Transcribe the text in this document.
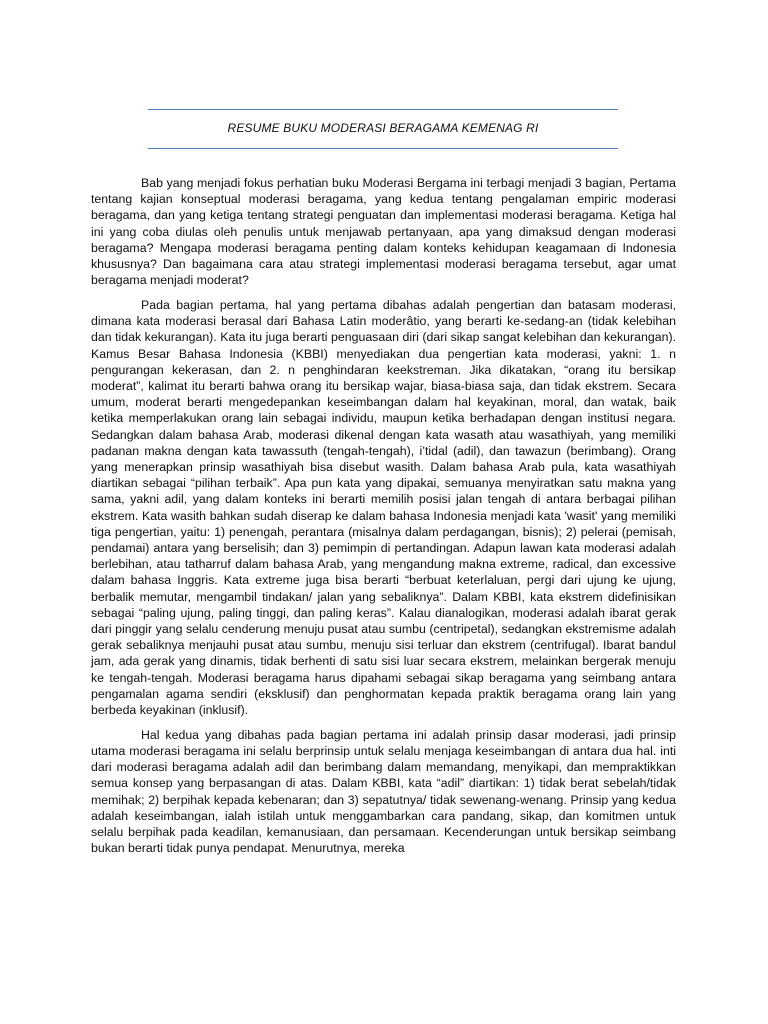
RESUME BUKU MODERASI BERAGAMA KEMENAG RI

Bab yang menjadi fokus perhatian buku Moderasi Bergama ini terbagi menjadi 3 bagian, Pertama tentang kajian konseptual moderasi beragama, yang kedua tentang pengalaman empiric moderasi beragama, dan yang ketiga tentang strategi penguatan dan implementasi moderasi beragama. Ketiga hal ini yang coba diulas oleh penulis untuk menjawab pertanyaan, apa yang dimaksud dengan moderasi beragama? Mengapa moderasi beragama penting dalam konteks kehidupan keagamaan di Indonesia khususnya? Dan bagaimana cara atau strategi implementasi moderasi beragama tersebut, agar umat beragama menjadi moderat?

Pada bagian pertama, hal yang pertama dibahas adalah pengertian dan batasam moderasi, dimana kata moderasi berasal dari Bahasa Latin moderâtio, yang berarti ke-sedang-an (tidak kelebihan dan tidak kekurangan). Kata itu juga berarti penguasaan diri (dari sikap sangat kelebihan dan kekurangan). Kamus Besar Bahasa Indonesia (KBBI) menyediakan dua pengertian kata moderasi, yakni: 1. n pengurangan kekerasan, dan 2. n penghindaran keekstreman. Jika dikatakan, “orang itu bersikap moderat”, kalimat itu berarti bahwa orang itu bersikap wajar, biasa-biasa saja, dan tidak ekstrem. Secara umum, moderat berarti mengedepankan keseimbangan dalam hal keyakinan, moral, dan watak, baik ketika memperlakukan orang lain sebagai individu, maupun ketika berhadapan dengan institusi negara. Sedangkan dalam bahasa Arab, moderasi dikenal dengan kata wasath atau wasathiyah, yang memiliki padanan makna dengan kata tawassuth (tengah-tengah), i’tidal (adil), dan tawazun (berimbang). Orang yang menerapkan prinsip wasathiyah bisa disebut wasith. Dalam bahasa Arab pula, kata wasathiyah diartikan sebagai “pilihan terbaik”. Apa pun kata yang dipakai, semuanya menyiratkan satu makna yang sama, yakni adil, yang dalam konteks ini berarti memilih posisi jalan tengah di antara berbagai pilihan ekstrem. Kata wasith bahkan sudah diserap ke dalam bahasa Indonesia menjadi kata 'wasit' yang memiliki tiga pengertian, yaitu: 1) penengah, perantara (misalnya dalam perdagangan, bisnis); 2) pelerai (pemisah, pendamai) antara yang berselisih; dan 3) pemimpin di pertandingan. Adapun lawan kata moderasi adalah berlebihan, atau tatharruf dalam bahasa Arab, yang mengandung makna extreme, radical, dan excessive dalam bahasa Inggris. Kata extreme juga bisa berarti “berbuat keterlaluan, pergi dari ujung ke ujung, berbalik memutar, mengambil tindakan/ jalan yang sebaliknya”. Dalam KBBI, kata ekstrem didefinisikan sebagai “paling ujung, paling tinggi, dan paling keras”. Kalau dianalogikan, moderasi adalah ibarat gerak dari pinggir yang selalu cenderung menuju pusat atau sumbu (centripetal), sedangkan ekstremisme adalah gerak sebaliknya menjauhi pusat atau sumbu, menuju sisi terluar dan ekstrem (centrifugal). Ibarat bandul jam, ada gerak yang dinamis, tidak berhenti di satu sisi luar secara ekstrem, melainkan bergerak menuju ke tengah-tengah. Moderasi beragama harus dipahami sebagai sikap beragama yang seimbang antara pengamalan agama sendiri (eksklusif) dan penghormatan kepada praktik beragama orang lain yang berbeda keyakinan (inklusif).

Hal kedua yang dibahas pada bagian pertama ini adalah prinsip dasar moderasi, jadi prinsip utama moderasi beragama ini selalu berprinsip untuk selalu menjaga keseimbangan di antara dua hal. inti dari moderasi beragama adalah adil dan berimbang dalam memandang, menyikapi, dan mempraktikkan semua konsep yang berpasangan di atas. Dalam KBBI, kata “adil” diartikan: 1) tidak berat sebelah/tidak memihak; 2) berpihak kepada kebenaran; dan 3) sepatutnya/ tidak sewenang-wenang. Prinsip yang kedua adalah keseimbangan, ialah istilah untuk menggambarkan cara pandang, sikap, dan komitmen untuk selalu berpihak pada keadilan, kemanusiaan, dan persamaan. Kecenderungan untuk bersikap seimbang bukan berarti tidak punya pendapat. Menurutnya, mereka
